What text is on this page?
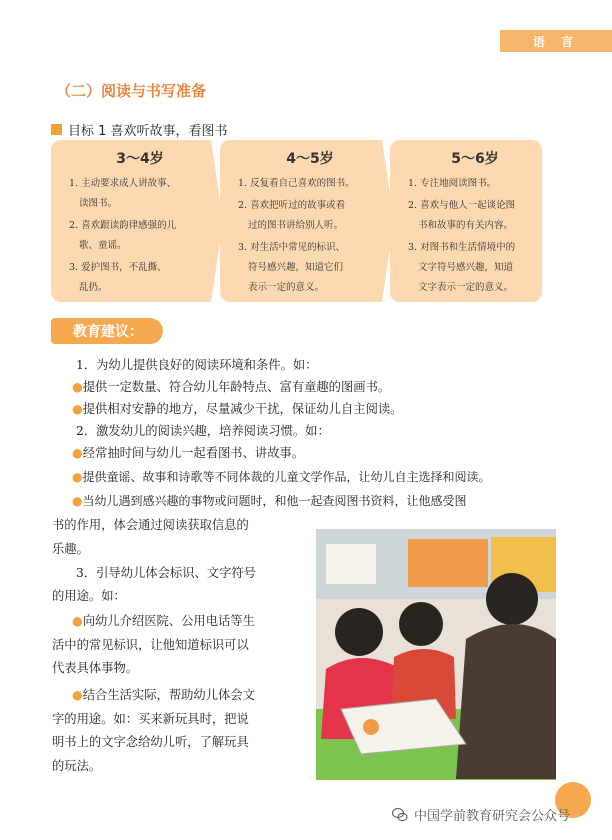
语 言
（二）阅读与书写准备
目标 1 喜欢听故事，看图书
3～4岁
1. 主动要求成人讲故事、
读图书。
2. 喜欢跟读韵律感强的儿
歌、童谣。
3. 爱护图书，不乱撕、
乱扔。
4～5岁
1. 反复看自己喜欢的图书。
2. 喜欢把听过的故事或看
过的图书讲给别人听。
3. 对生活中常见的标识、
符号感兴趣，知道它们
表示一定的意义。
5～6岁
1. 专注地阅读图书。
2. 喜欢与他人一起谈论图
书和故事的有关内容。
3. 对图书和生活情境中的
文字符号感兴趣，知道
文字表示一定的意义。
教育建议：
1．为幼儿提供良好的阅读环境和条件。如：
●提供一定数量、符合幼儿年龄特点、富有童趣的图画书。
●提供相对安静的地方，尽量减少干扰，保证幼儿自主阅读。
2．激发幼儿的阅读兴趣，培养阅读习惯。如：
●经常抽时间与幼儿一起看图书、讲故事。
●提供童谣、故事和诗歌等不同体裁的儿童文学作品，让幼儿自主选择和阅读。
●当幼儿遇到感兴趣的事物或问题时，和他一起查阅图书资料，让他感受图
书的作用，体会通过阅读获取信息的
乐趣。
3．引导幼儿体会标识、文字符号
的用途。如：
●向幼儿介绍医院、公用电话等生
活中的常见标识，让他知道标识可以
代表具体事物。
●结合生活实际，帮助幼儿体会文
字的用途。如：买来新玩具时，把说
明书上的文字念给幼儿听，了解玩具
的玩法。
中国学前教育研究会公众号
